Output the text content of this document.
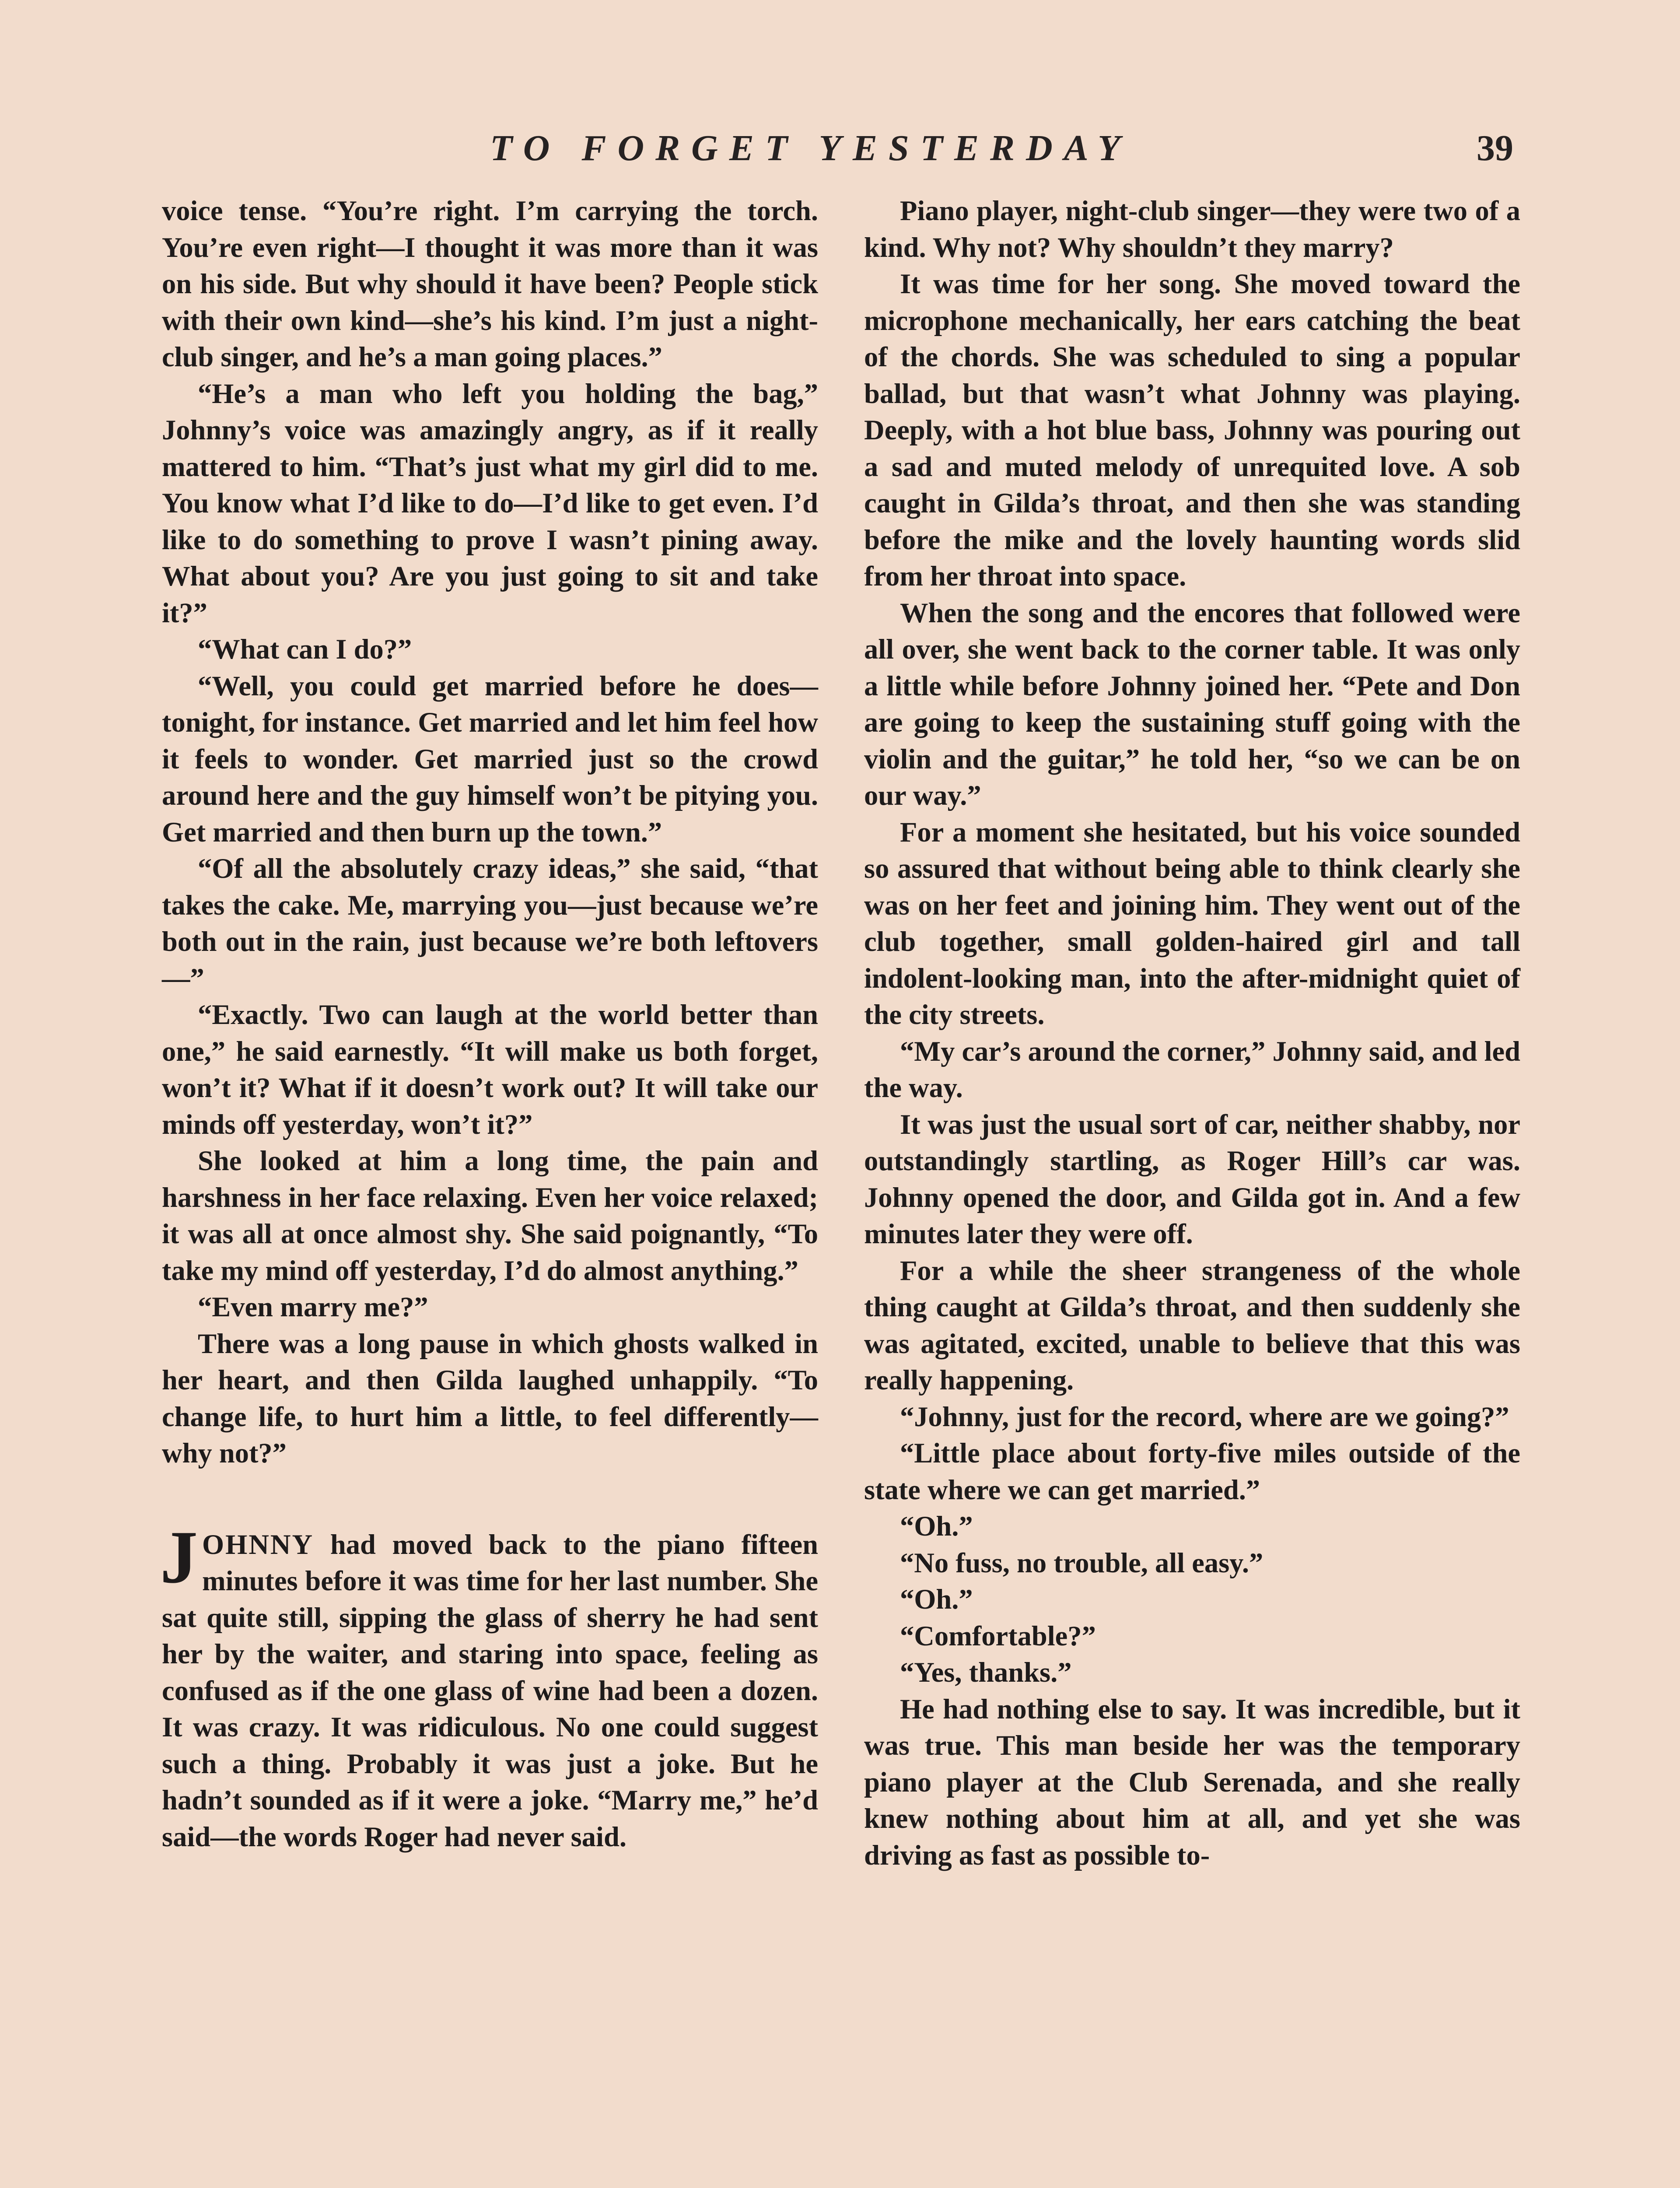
TO FORGET YESTERDAY	39

voice tense. “You’re right. I’m carrying the torch. You’re even right—I thought it was more than it was on his side. But why should it have been? People stick with their own kind—she’s his kind. I’m just a night-club singer, and he’s a man going places.”

“He’s a man who left you holding the bag,” Johnny’s voice was amazingly angry, as if it really mattered to him. “That’s just what my girl did to me. You know what I’d like to do—I’d like to get even. I’d like to do something to prove I wasn’t pining away. What about you? Are you just going to sit and take it?”

“What can I do?”

“Well, you could get married before he does—tonight, for instance. Get married and let him feel how it feels to wonder. Get married just so the crowd around here and the guy himself won’t be pitying you. Get married and then burn up the town.”

“Of all the absolutely crazy ideas,” she said, “that takes the cake. Me, marrying you—just because we’re both out in the rain, just because we’re both leftovers—”

“Exactly. Two can laugh at the world better than one,” he said earnestly. “It will make us both forget, won’t it? What if it doesn’t work out? It will take our minds off yesterday, won’t it?”

She looked at him a long time, the pain and harshness in her face relaxing. Even her voice relaxed; it was all at once almost shy. She said poignantly, “To take my mind off yesterday, I’d do almost anything.”

“Even marry me?”

There was a long pause in which ghosts walked in her heart, and then Gilda laughed unhappily. “To change life, to hurt him a little, to feel differently—why not?”

JOHNNY had moved back to the piano fifteen minutes before it was time for her last number. She sat quite still, sipping the glass of sherry he had sent her by the waiter, and staring into space, feeling as confused as if the one glass of wine had been a dozen. It was crazy. It was ridiculous. No one could suggest such a thing. Probably it was just a joke. But he hadn’t sounded as if it were a joke. “Marry me,” he’d said—the words Roger had never said.

Piano player, night-club singer—they were two of a kind. Why not? Why shouldn’t they marry?

It was time for her song. She moved toward the microphone mechanically, her ears catching the beat of the chords. She was scheduled to sing a popular ballad, but that wasn’t what Johnny was playing. Deeply, with a hot blue bass, Johnny was pouring out a sad and muted melody of unrequited love. A sob caught in Gilda’s throat, and then she was standing before the mike and the lovely haunting words slid from her throat into space.

When the song and the encores that followed were all over, she went back to the corner table. It was only a little while before Johnny joined her. “Pete and Don are going to keep the sustaining stuff going with the violin and the guitar,” he told her, “so we can be on our way.”

For a moment she hesitated, but his voice sounded so assured that without being able to think clearly she was on her feet and joining him. They went out of the club together, small golden-haired girl and tall indolent-looking man, into the after-midnight quiet of the city streets.

“My car’s around the corner,” Johnny said, and led the way.

It was just the usual sort of car, neither shabby, nor outstandingly startling, as Roger Hill’s car was. Johnny opened the door, and Gilda got in. And a few minutes later they were off.

For a while the sheer strangeness of the whole thing caught at Gilda’s throat, and then suddenly she was agitated, excited, unable to believe that this was really happening.

“Johnny, just for the record, where are we going?”

“Little place about forty-five miles outside of the state where we can get married.”

“Oh.”

“No fuss, no trouble, all easy.”

“Oh.”

“Comfortable?”

“Yes, thanks.”

He had nothing else to say. It was incredible, but it was true. This man beside her was the temporary piano player at the Club Serenada, and she really knew nothing about him at all, and yet she was driving as fast as possible to-
